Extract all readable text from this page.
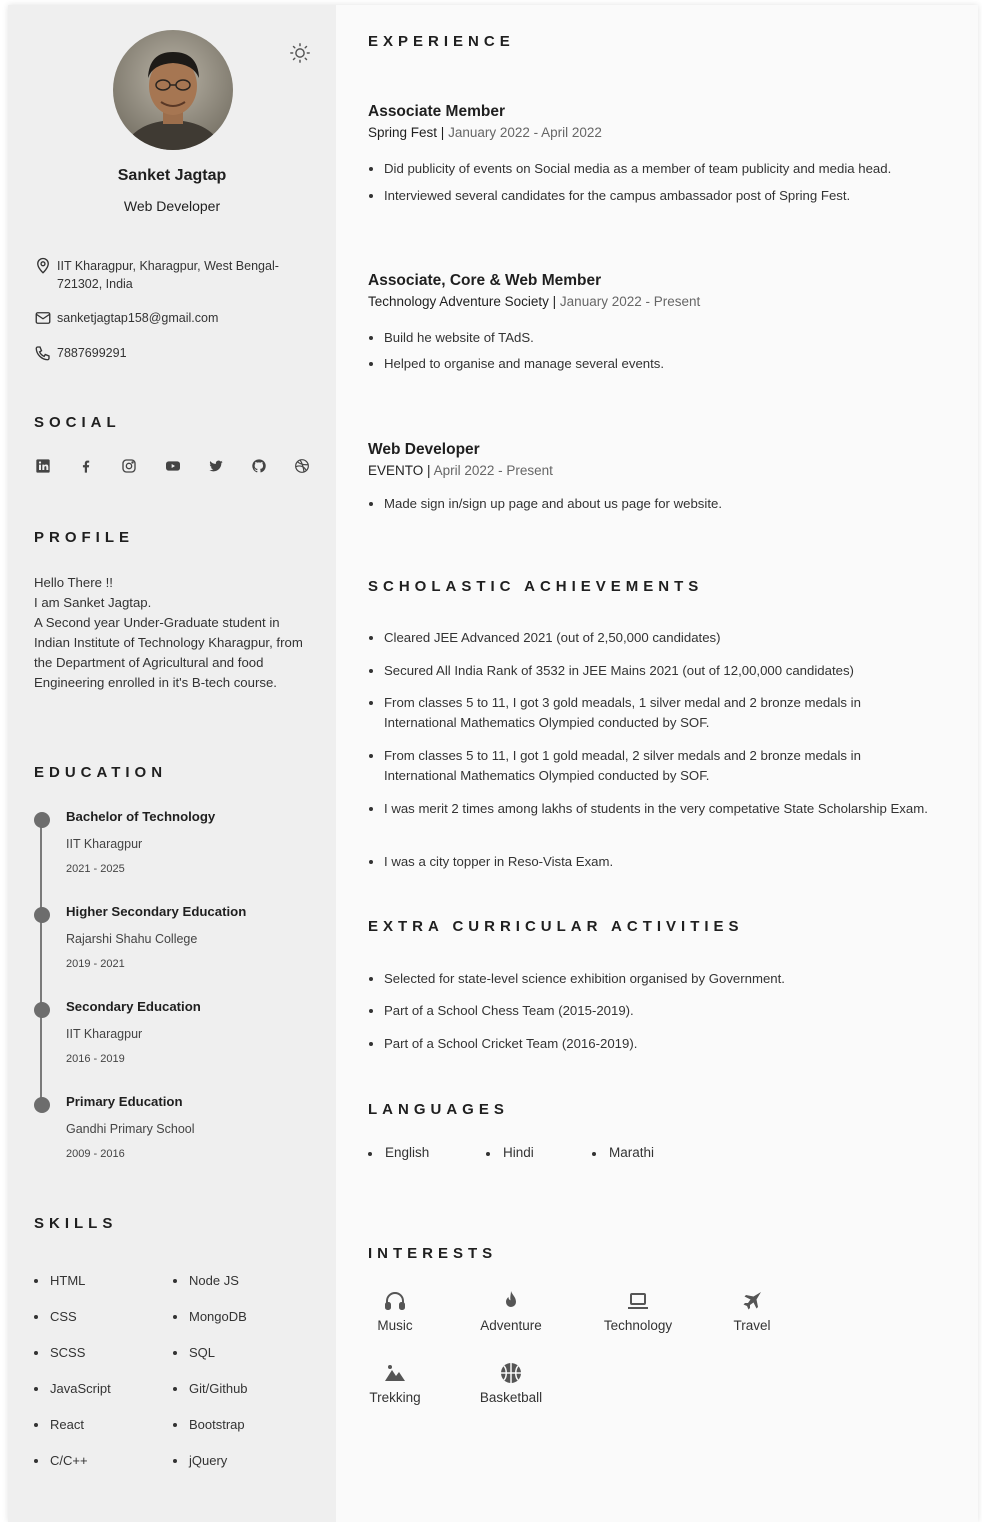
Sanket Jagtap
Web Developer
IIT Kharagpur, Kharagpur, West Bengal-721302, India
sanketjagtap158@gmail.com
7887699291
SOCIAL
PROFILE
Hello There !!
I am Sanket Jagtap.
A Second year Under-Graduate student in Indian Institute of Technology Kharagpur, from the Department of Agricultural and food Engineering enrolled in it's B-tech course.
EDUCATION
Bachelor of Technology
IIT Kharagpur
2021 - 2025
Higher Secondary Education
Rajarshi Shahu College
2019 - 2021
Secondary Education
IIT Kharagpur
2016 - 2019
Primary Education
Gandhi Primary School
2009 - 2016
SKILLS
HTML
CSS
SCSS
JavaScript
React
C/C++
Node JS
MongoDB
SQL
Git/Github
Bootstrap
jQuery
EXPERIENCE
Associate Member
Spring Fest | January 2022 - April 2022
Did publicity of events on Social media as a member of team publicity and media head.
Interviewed several candidates for the campus ambassador post of Spring Fest.
Associate, Core & Web Member
Technology Adventure Society | January 2022 - Present
Build he website of TAdS.
Helped to organise and manage several events.
Web Developer
EVENTO | April 2022 - Present
Made sign in/sign up page and about us page for website.
SCHOLASTIC ACHIEVEMENTS
Cleared JEE Advanced 2021 (out of 2,50,000 candidates)
Secured All India Rank of 3532 in JEE Mains 2021 (out of 12,00,000 candidates)
From classes 5 to 11, I got 3 gold meadals, 1 silver medal and 2 bronze medals in International Mathematics Olympied conducted by SOF.
From classes 5 to 11, I got 1 gold meadal, 2 silver medals and 2 bronze medals in International Mathematics Olympied conducted by SOF.
I was merit 2 times among lakhs of students in the very competative State Scholarship Exam.
I was a city topper in Reso-Vista Exam.
EXTRA CURRICULAR ACTIVITIES
Selected for state-level science exhibition organised by Government.
Part of a School Chess Team (2015-2019).
Part of a School Cricket Team (2016-2019).
LANGUAGES
English	Hindi	Marathi
INTERESTS
Music	Adventure	Technology	Travel
Trekking	Basketball
